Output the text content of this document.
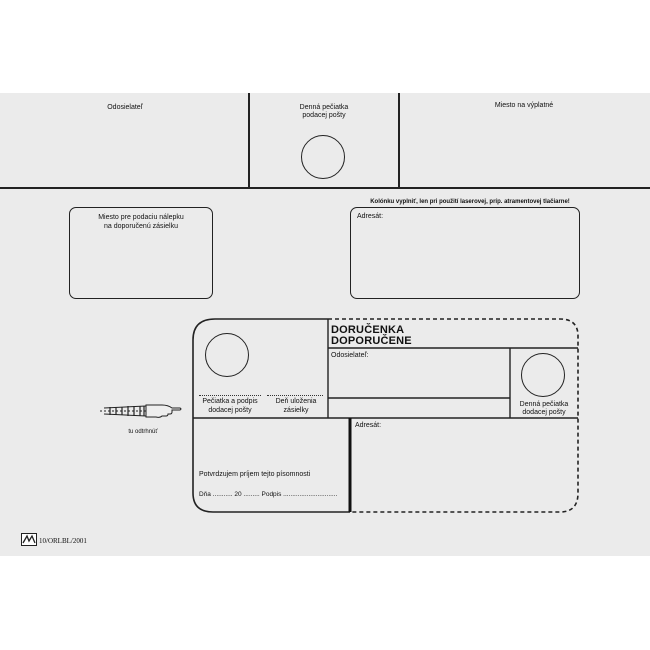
Odosielateľ	Denná pečiatka
podacej pošty
Miesto na výplatné
Miesto pre podaciu nálepku
na doporučenú zásielku
Kolónku vyplniť, len pri použití laserovej, príp. atramentovej tlačiarne!
Adresát:
tu odtrhnúť
Pečiatka a podpis
dodacej pošty
Deň uloženia
zásielky
DORUČENKA
DOPORUČENE
Odosielateľ:
Denná pečiatka
dodacej pošty
Adresát:
Potvrdzujem príjem tejto písomnosti
Dňa ........... 20 ......... Podpis ..............................
10/ORLBL/2001
